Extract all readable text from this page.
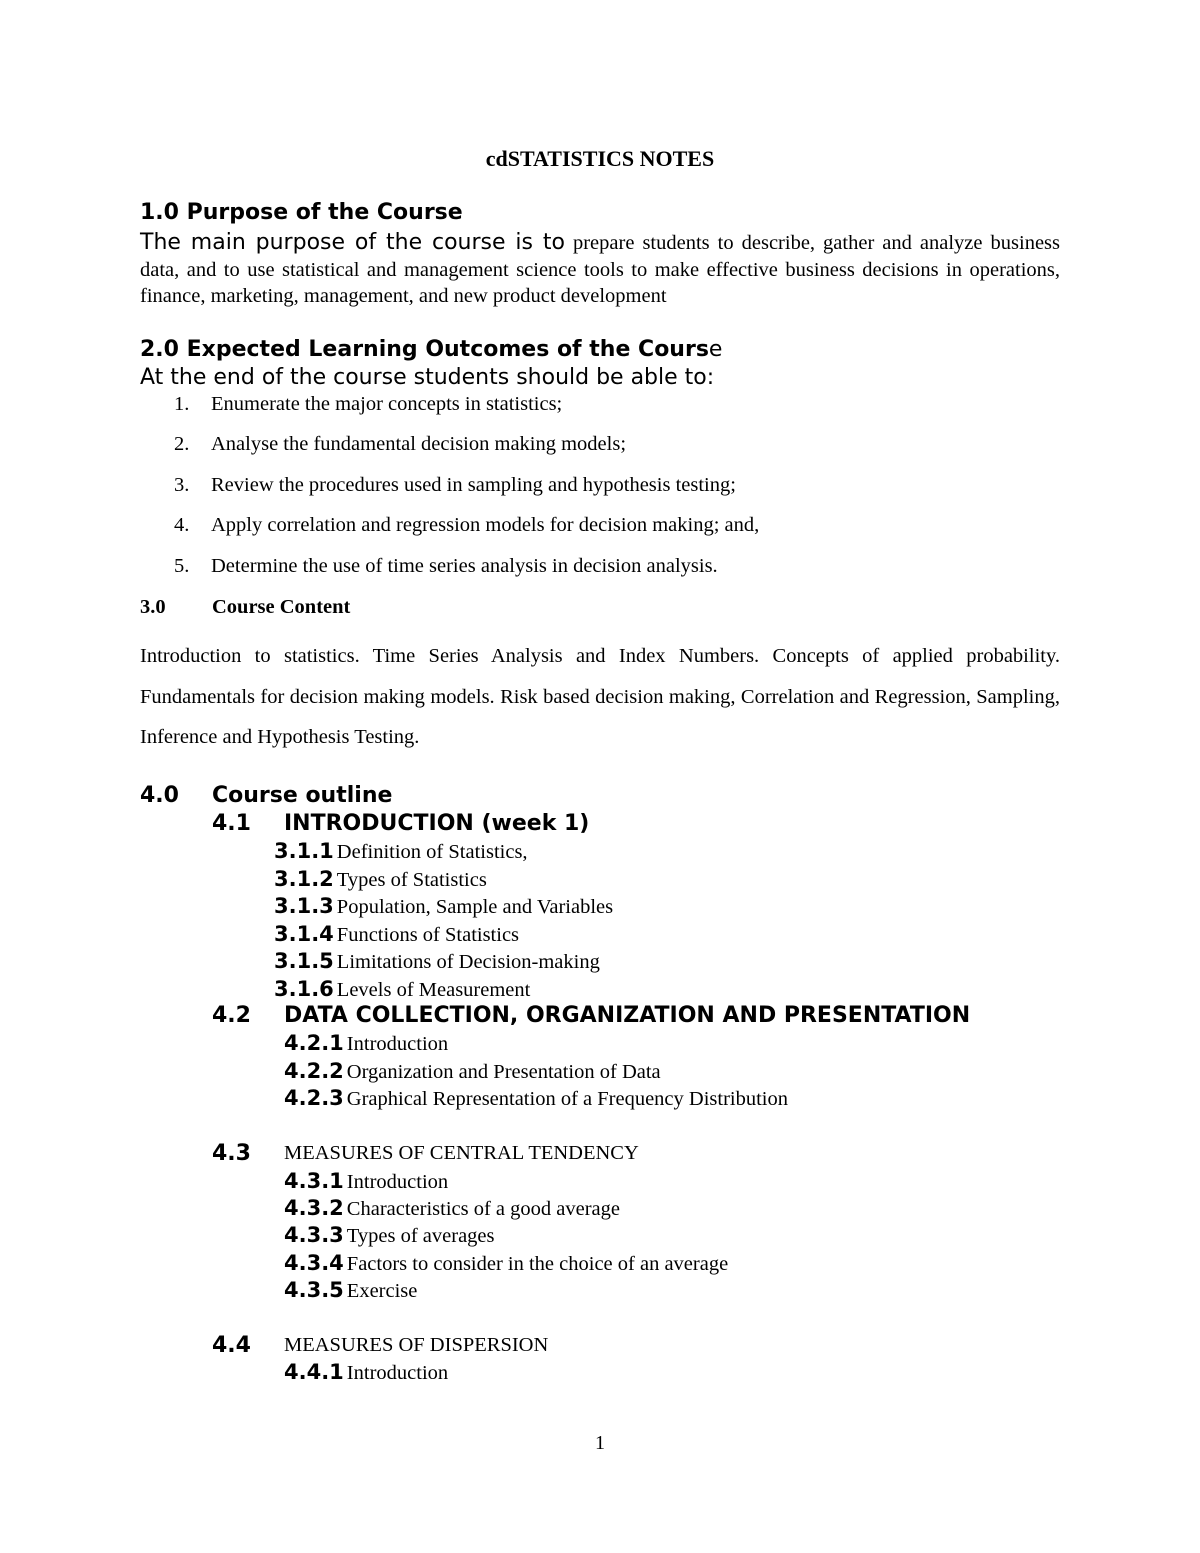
cdSTATISTICS NOTES
1.0 Purpose of the Course
The main purpose of the course is to prepare students to describe, gather and analyze business data, and to use statistical and management science tools to make effective business decisions in operations, finance, marketing, management, and new product development
2.0 Expected Learning Outcomes of the Course
At the end of the course students should be able to:
1. Enumerate the major concepts in statistics;
2. Analyse the fundamental decision making models;
3. Review the procedures used in sampling and hypothesis testing;
4. Apply correlation and regression models for decision making; and,
5. Determine the use of time series analysis in decision analysis.
3.0 Course Content
Introduction to statistics. Time Series Analysis and Index Numbers. Concepts of applied probability. Fundamentals for decision making models. Risk based decision making, Correlation and Regression, Sampling, Inference and Hypothesis Testing.
4.0 Course outline
4.1 INTRODUCTION (week 1)
3.1.1 Definition of Statistics,
3.1.2 Types of Statistics
3.1.3 Population, Sample and Variables
3.1.4 Functions of Statistics
3.1.5 Limitations of Decision-making
3.1.6 Levels of Measurement
4.2 DATA COLLECTION, ORGANIZATION AND PRESENTATION
4.2.1 Introduction
4.2.2 Organization and Presentation of Data
4.2.3 Graphical Representation of a Frequency Distribution
4.3 MEASURES OF CENTRAL TENDENCY
4.3.1 Introduction
4.3.2 Characteristics of a good average
4.3.3 Types of averages
4.3.4 Factors to consider in the choice of an average
4.3.5 Exercise
4.4 MEASURES OF DISPERSION
4.4.1 Introduction
1
